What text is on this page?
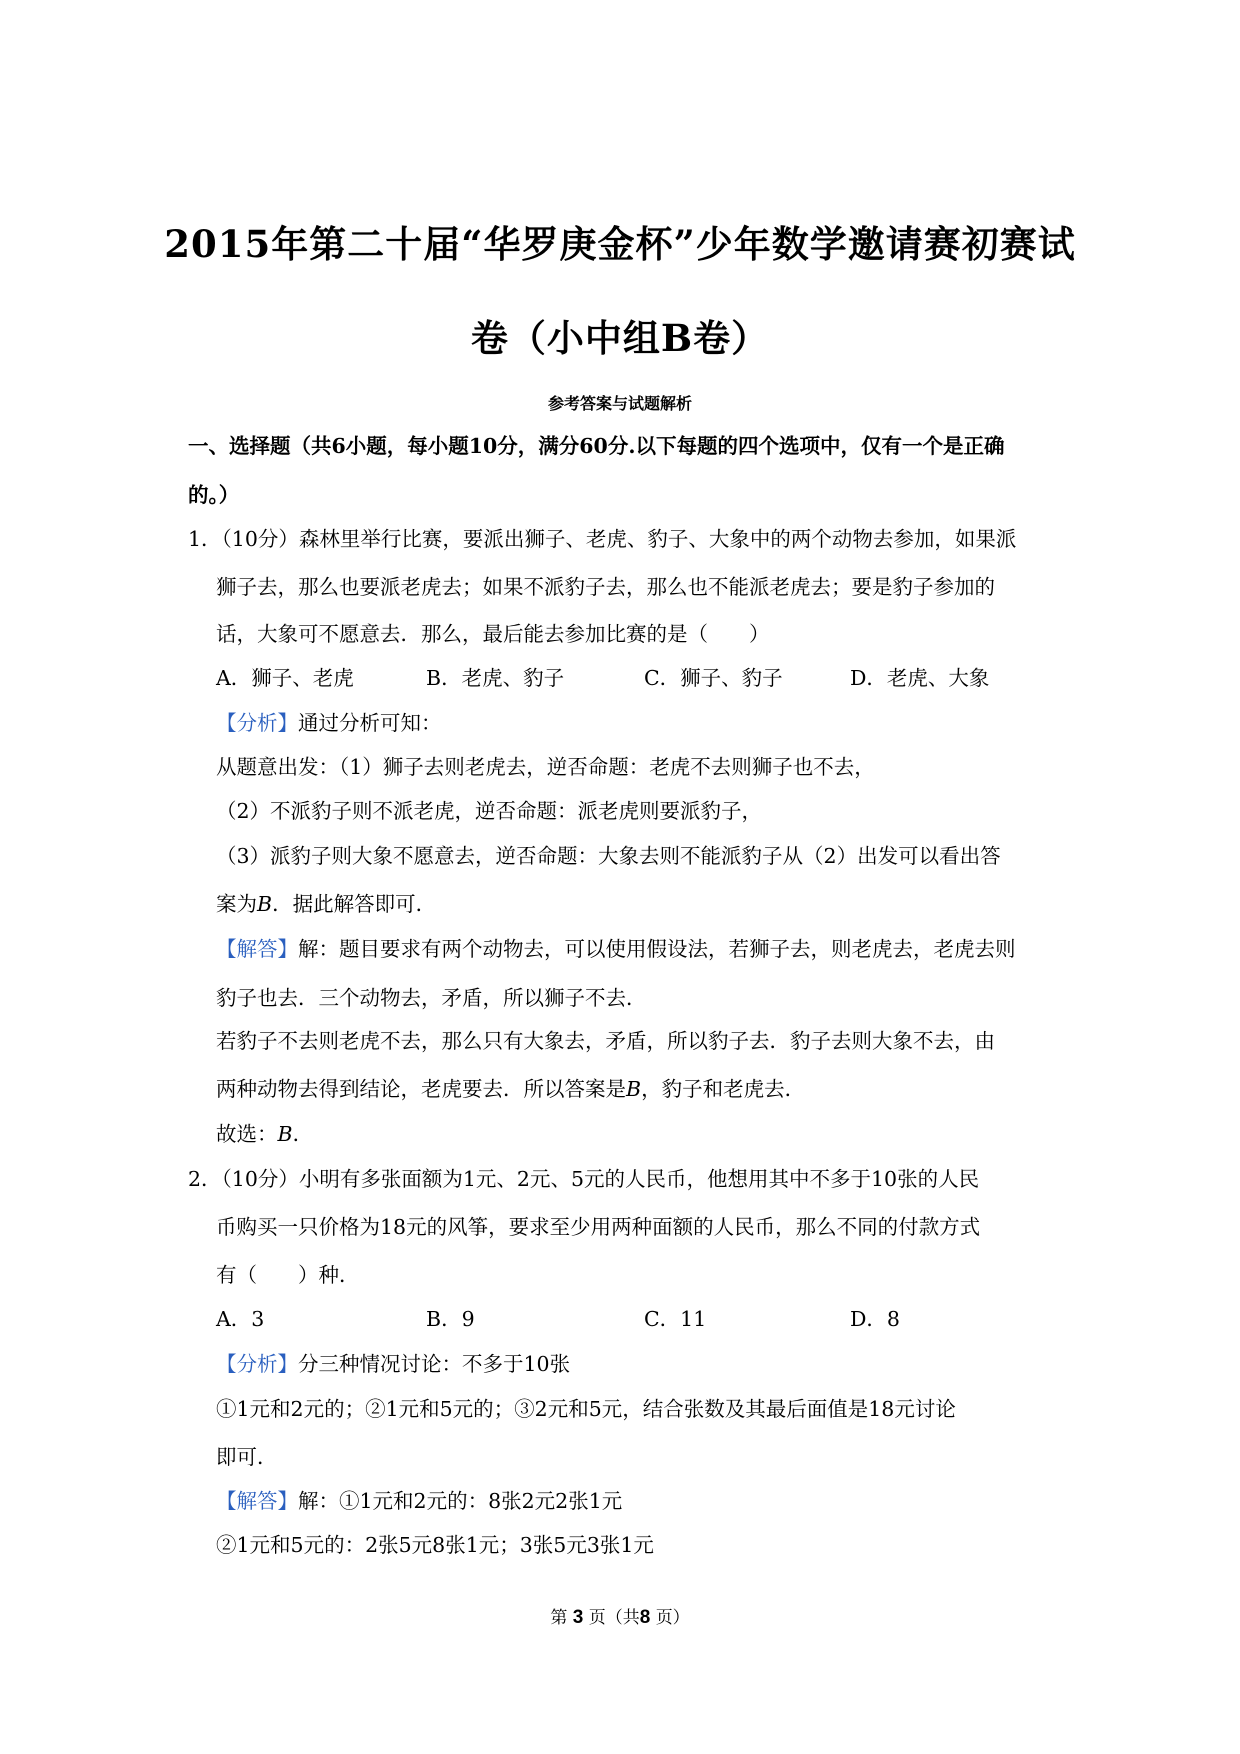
2015年第二十届“华罗庚金杯”少年数学邀请赛初赛试
卷（小中组B卷）
参考答案与试题解析
一、选择题（共6小题，每小题10分，满分60分.以下每题的四个选项中，仅有一个是正确
的。）
1．（10分）森林里举行比赛，要派出狮子、老虎、豹子、大象中的两个动物去参加，如果派
狮子去，那么也要派老虎去；如果不派豹子去，那么也不能派老虎去；要是豹子参加的
话，大象可不愿意去．那么，最后能去参加比赛的是（　　）
A．狮子、老虎	B．老虎、豹子	C．狮子、豹子	D．老虎、大象
【分析】通过分析可知：
从题意出发：（1）狮子去则老虎去，逆否命题：老虎不去则狮子也不去，
（2）不派豹子则不派老虎，逆否命题：派老虎则要派豹子，
（3）派豹子则大象不愿意去，逆否命题：大象去则不能派豹子从（2）出发可以看出答
案为B．据此解答即可．
【解答】解：题目要求有两个动物去，可以使用假设法，若狮子去，则老虎去，老虎去则
豹子也去．三个动物去，矛盾，所以狮子不去．
若豹子不去则老虎不去，那么只有大象去，矛盾，所以豹子去．豹子去则大象不去，由
两种动物去得到结论，老虎要去．所以答案是B，豹子和老虎去．
故选：B．
2．（10分）小明有多张面额为1元、2元、5元的人民币，他想用其中不多于10张的人民
币购买一只价格为18元的风筝，要求至少用两种面额的人民币，那么不同的付款方式
有（　　）种．
A．3	B．9	C．11	D．8
【分析】分三种情况讨论：不多于10张
①1元和2元的；②1元和5元的；③2元和5元，结合张数及其最后面值是18元讨论
即可．
【解答】解：①1元和2元的：8张2元2张1元
②1元和5元的：2张5元8张1元；3张5元3张1元
第 3 页（共8 页）
